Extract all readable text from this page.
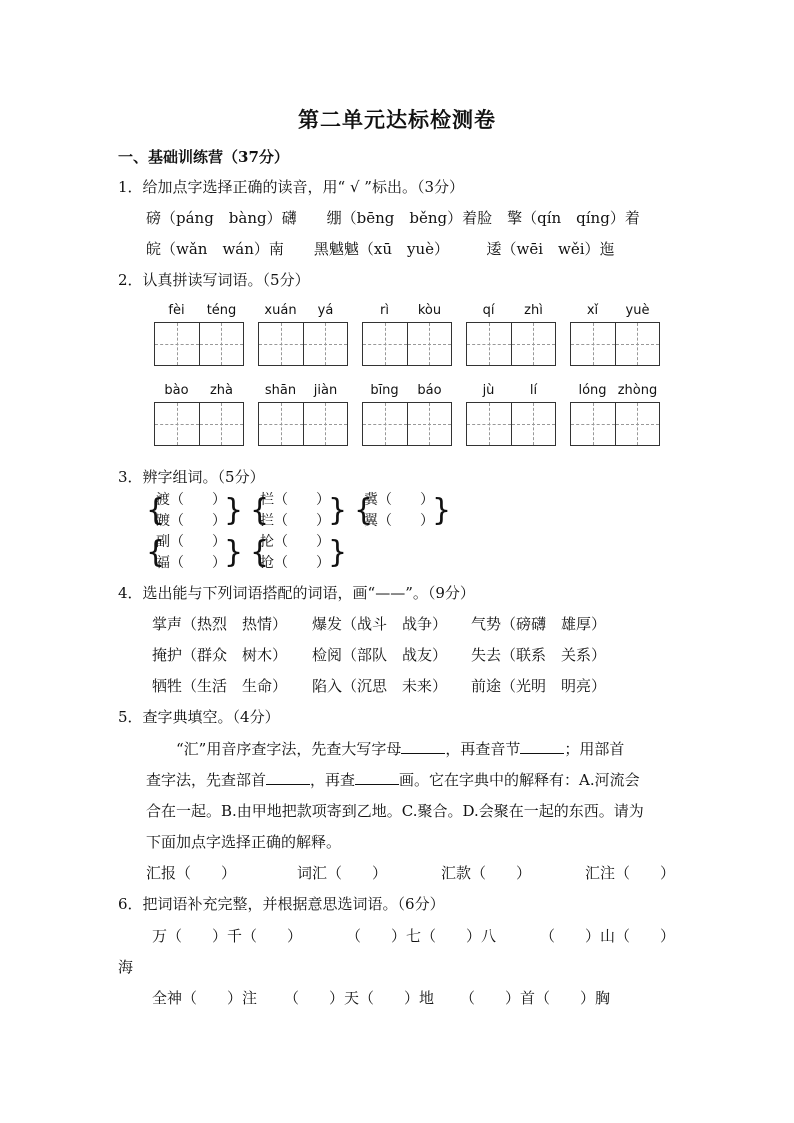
第二单元达标检测卷
一、基础训练营（37分）
1．给加点字选择正确的读音，用“ √ ”标出。（3分）
磅（páng　bàng）礴　　绷（bēng　běng）着脸　擎（qín　qíng）着
皖（wǎn　wán）南　　黑魆魆（xū　yuè）　　　逶（wēi　wěi）迤
2．认真拼读写词语。（5分）
fèi	téng	xuán	yá	rì	kòu	qí	zhì	xǐ	yuè
bào	zhà	shān	jiàn	bīng	báo	jù	lí	lóng zhòng
3．辨字组词。（5分）
{
渡（　　）
踱（　　）
} {
栏（　　）
拦（　　）
} {
冀（　　）
翼（　　）
}
{
副（　　）
福（　　）
} {
抡（　　）
抢（　　）
}
4．选出能与下列词语搭配的词语，画“——”。（9分）
掌声（热烈　热情） 爆发（战斗　战争） 气势（磅礴　雄厚）
掩护（群众　树木） 检阅（部队　战友） 失去（联系　关系）
牺牲（生活　生命） 陷入（沉思　未来） 前途（光明　明亮）
5．查字典填空。（4分）
“汇”用音序查字法，先查大写字母	，再查音节	；用部首
查字法，先查部首	，再查	画。它在字典中的解释有：A.河流会
合在一起。B.由甲地把款项寄到乙地。C.聚合。D.会聚在一起的东西。请为
下面加点字选择正确的解释。
汇报（　　）	词汇（　　）	汇款（　　）	汇注（　　）
6．把词语补充完整，并根据意思选词语。（6分）
万（　　）千（　　）	（　　）七（　　）八	（　　）山（　　）
海
全神（　　）注 （　　）天（　　）地 （　　）首（　　）胸
